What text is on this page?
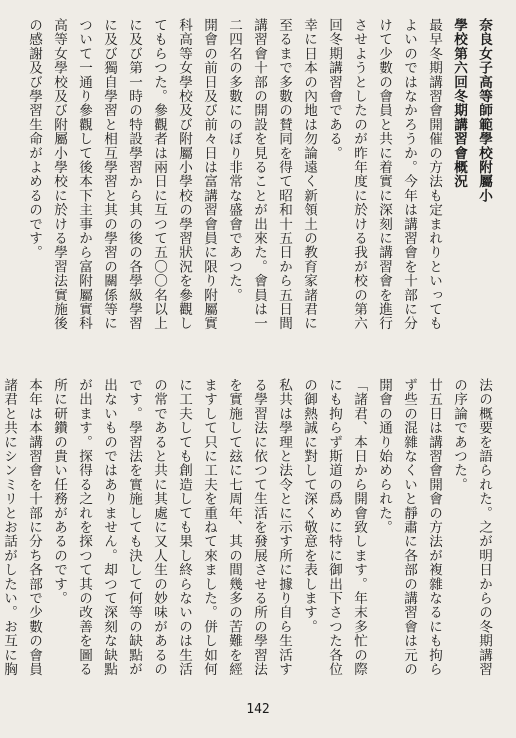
奈良女子高等師範學校附屬小

學校第六回冬期講習會概況

最早冬期講習會開催の方法も定まれりといってもよいのではなかろうか。今年は講習會を十部に分けて少數の會員と共に着實に深刻に講習會を進行させようとしたのが昨年度に於ける我が校の第六回冬期講習會である。

幸に日本の內地は勿論遠く新領土の教育家諸君に至るまで多數の賛同を得て昭和十五日から五日間講習會十部の開設を見ることが出來た。會員は一二四名の多數にのぼり非常な盛會であつた。

開會の前日及び前々日は富講習會員に限り附屬實科高等女學校及び附屬小學校の學習狀況を參觀してもらつた。參觀者は兩日に互つて五〇〇名以上に及び第一時の特設學習から其の後の各學級學習に及び獨自學習と相互學習と其の學習の關係等について一通り參觀して後本下主事から富附屬實科高等女學校及び附屬小學校に於ける學習法實施後の感謝及び學習生命がよめるのです。

法の概要を語られた。之が明日からの冬期講習の序論であつた。

廿五日は講習會開會の方法が複雜なるにも拘らず些の混雜なくいと靜肅に各部の講習會は元の開會の通り始められた。

「諸君、本日から開會致します。年末多忙の際にも拘らず斯道の爲めに特に御出下さつた各位の御熱誠に對して深く敬意を表します。

私共は學理と法令とに示す所に據り自ら生活する學習法に依つて生活を發展させる所の學習法を實施して玆に七周年、其の間幾多の苦難を經ますして只に工夫を重ねて來ました。併し如何に工夫しても創造しても果し終らないのは生活の常であると共に其處に又人生の妙味があるのです。學習法を實施しても決して何等の缺點が出ないものではありません。却つて深刻な缺點が出ます。探得る之れを探つて其の改善を圖る所に研鑽の貴い任務があるのです。

本年は本講習會を十部に分ち各部で少數の會員諸君と共にシンミリとお話がしたい。お互に胸

142
